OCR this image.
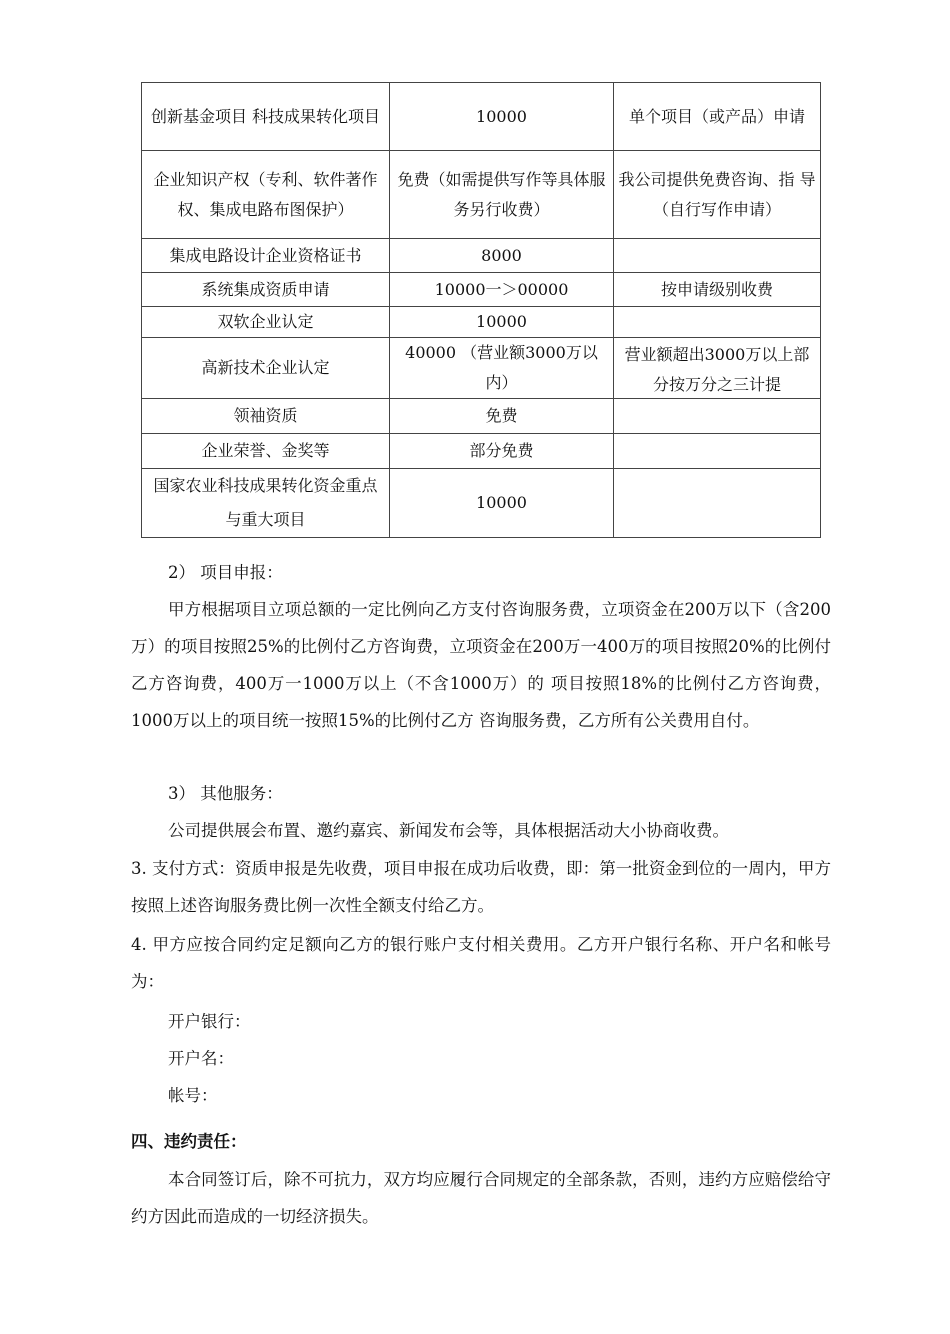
创新基金项目 科技成果转化项目	10000	单个项目（或产品）申请
企业知识产权（专利、软件著作权、集成电路布图保护）	免费（如需提供写作等具体服务另行收费）	我公司提供免费咨询、指 导（自行写作申请）
集成电路设计企业资格证书	8000	
系统集成资质申请	10000一＞00000	按申请级别收费
双软企业认定	10000	
高新技术企业认定	40000 （营业额3000万以内）	营业额超出3000万以上部分按万分之三计提

领袖资质	免费	
企业荣誉、金奖等	部分免费	
国家农业科技成果转化资金重点与重大项目	10000	
2） 项目申报：
甲方根据项目立项总额的一定比例向乙方支付咨询服务费，立项资金在200万以下（含200万）的项目按照25%的比例付乙方咨询费，立项资金在200万一400万的项目按照20%的比例付乙方咨询费，400万一1000万以上（不含1000万）的 项目按照18%的比例付乙方咨询费，1000万以上的项目统一按照15%的比例付乙方 咨询服务费，乙方所有公关费用自付。
3） 其他服务：
公司提供展会布置、邀约嘉宾、新闻发布会等，具体根据活动大小协商收费。
3. 支付方式：资质申报是先收费，项目申报在成功后收费，即：第一批资金到位的一周内，甲方按照上述咨询服务费比例一次性全额支付给乙方。
4. 甲方应按合同约定足额向乙方的银行账户支付相关费用。乙方开户银行名称、开户名和帐号为：
开户银行：
开户名：
帐号：
四、违约责任：
本合同签订后，除不可抗力，双方均应履行合同规定的全部条款，否则，违约方应赔偿给守约方因此而造成的一切经济损失。
